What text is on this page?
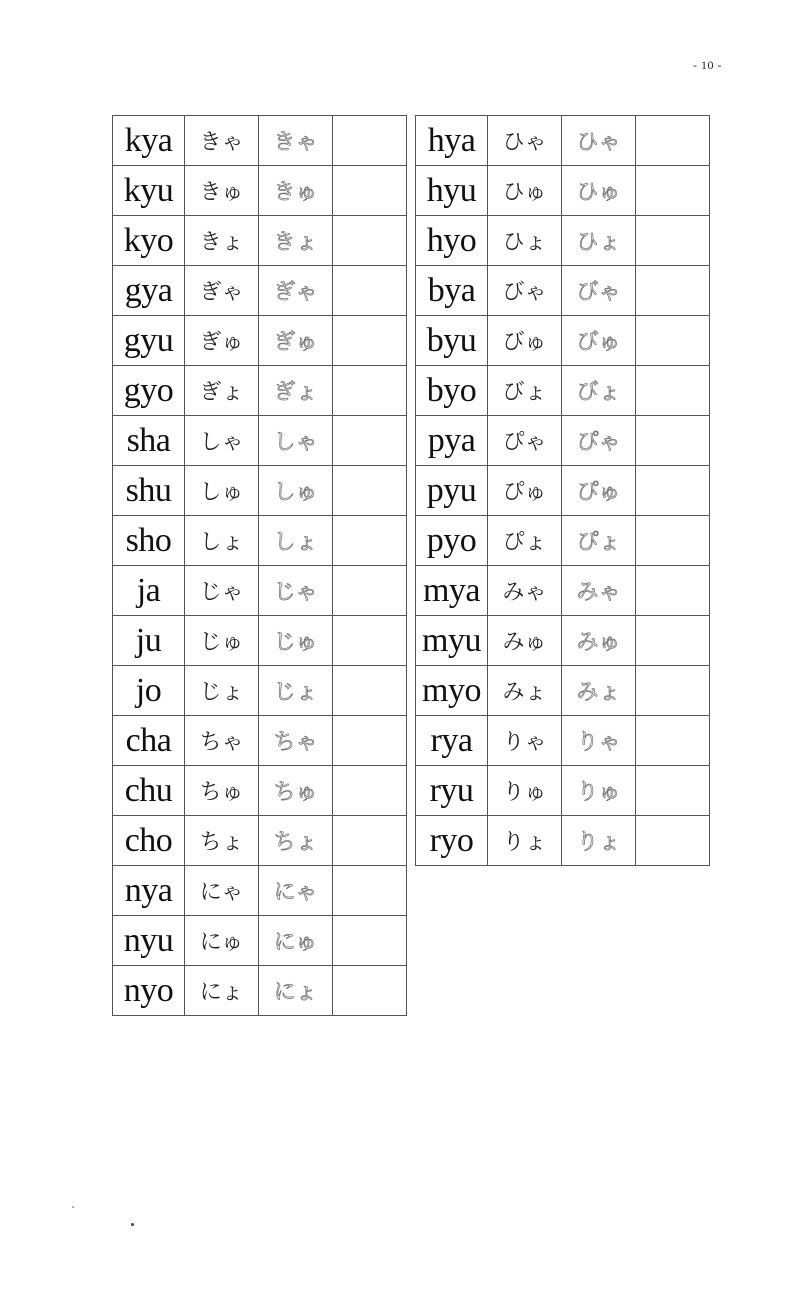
- 10 -
kya	きゃ	きゃ	
kyu	きゅ	きゅ	
kyo	きょ	きょ	
gya	ぎゃ	ぎゃ	
gyu	ぎゅ	ぎゅ	
gyo	ぎょ	ぎょ	
sha	しゃ	しゃ	
shu	しゅ	しゅ	
sho	しょ	しょ	
ja	じゃ	じゃ	
ju	じゅ	じゅ	
jo	じょ	じょ	
cha	ちゃ	ちゃ	
chu	ちゅ	ちゅ	
cho	ちょ	ちょ	
nya	にゃ	にゃ	
nyu	にゅ	にゅ	
nyo	にょ	にょ	
hya	ひゃ	ひゃ	
hyu	ひゅ	ひゅ	
hyo	ひょ	ひょ	
bya	びゃ	びゃ	
byu	びゅ	びゅ	
byo	びょ	びょ	
pya	ぴゃ	ぴゃ	
pyu	ぴゅ	ぴゅ	
pyo	ぴょ	ぴょ	
mya	みゃ	みゃ	
myu	みゅ	みゅ	
myo	みょ	みょ	
rya	りゃ	りゃ	
ryu	りゅ	りゅ	
ryo	りょ	りょ	
